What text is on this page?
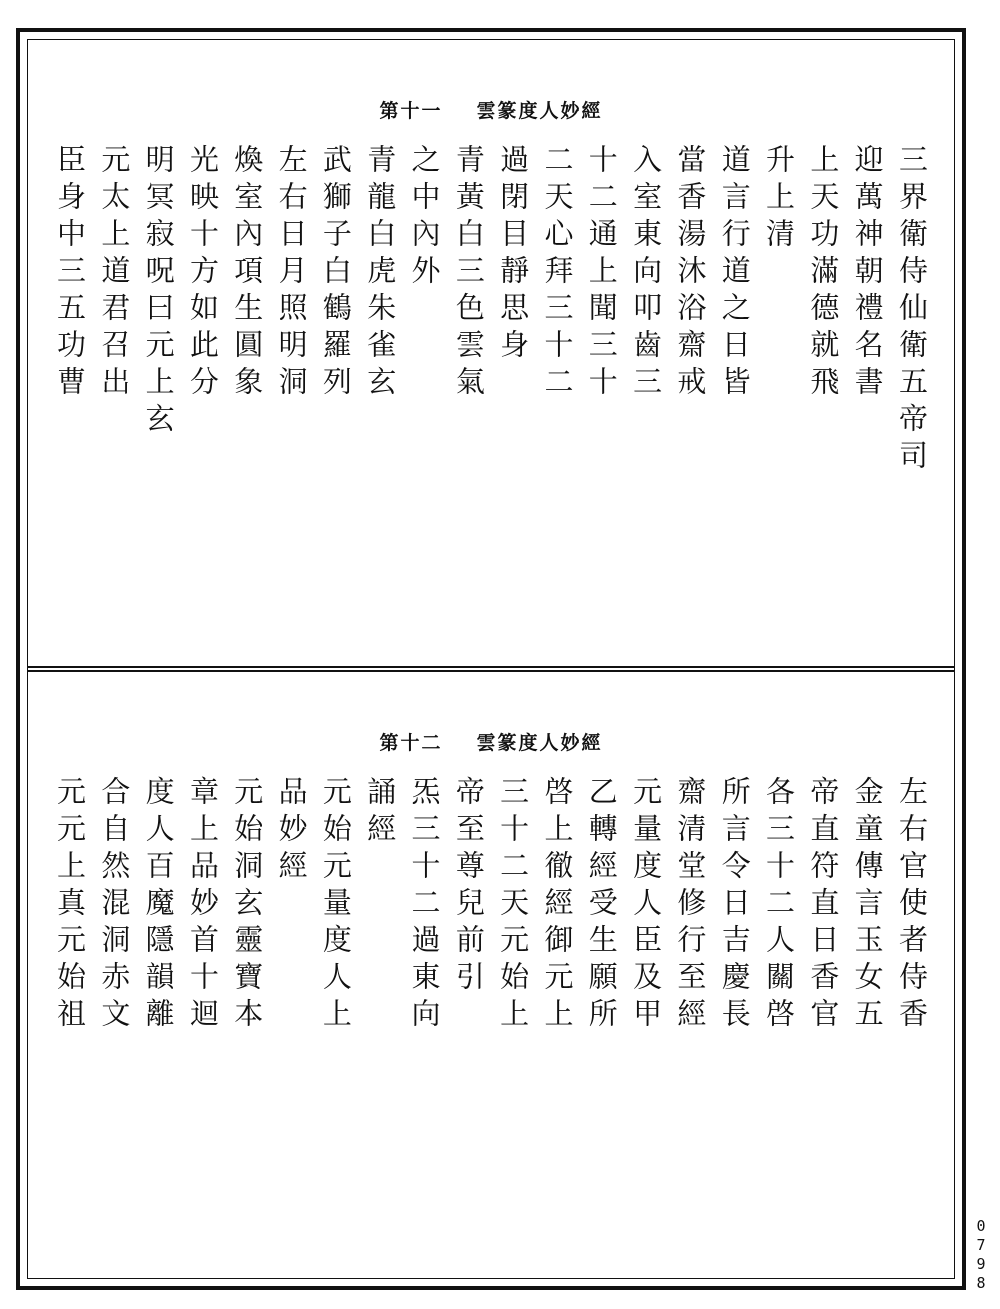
第十一 雲篆度人妙經
三界衛侍仙衛五帝司
迎萬神朝禮名書
上天功滿德就飛
升上清
道言行道之日皆
當香湯沐浴齋戒
入室東向叩齒三
十二通上聞三十
二天心拜三十二
過閉目靜思身
青黃白三色雲氣
之中內外
青龍白虎朱雀玄
武獅子白鶴羅列
左右日月照明洞
煥室內項生圓象
光映十方如此分
明冥寂呪曰元上玄
元太上道君召出
臣身中三五功曹
第十二 雲篆度人妙經
左右官使者侍香
金童傳言玉女五
帝直符直日香官
各三十二人關啓
所言令日吉慶長
齋清堂修行至經
元量度人臣及甲
乙轉經受生願所
啓上徹經御元上
三十二天元始上
帝至尊兒前引
炁三十二過東向
誦經
元始元量度人上
品妙經
元始洞玄靈寶本
章上品妙首十迴
度人百魔隱韻離
合自然混洞赤文
元元上真元始祖
0798
